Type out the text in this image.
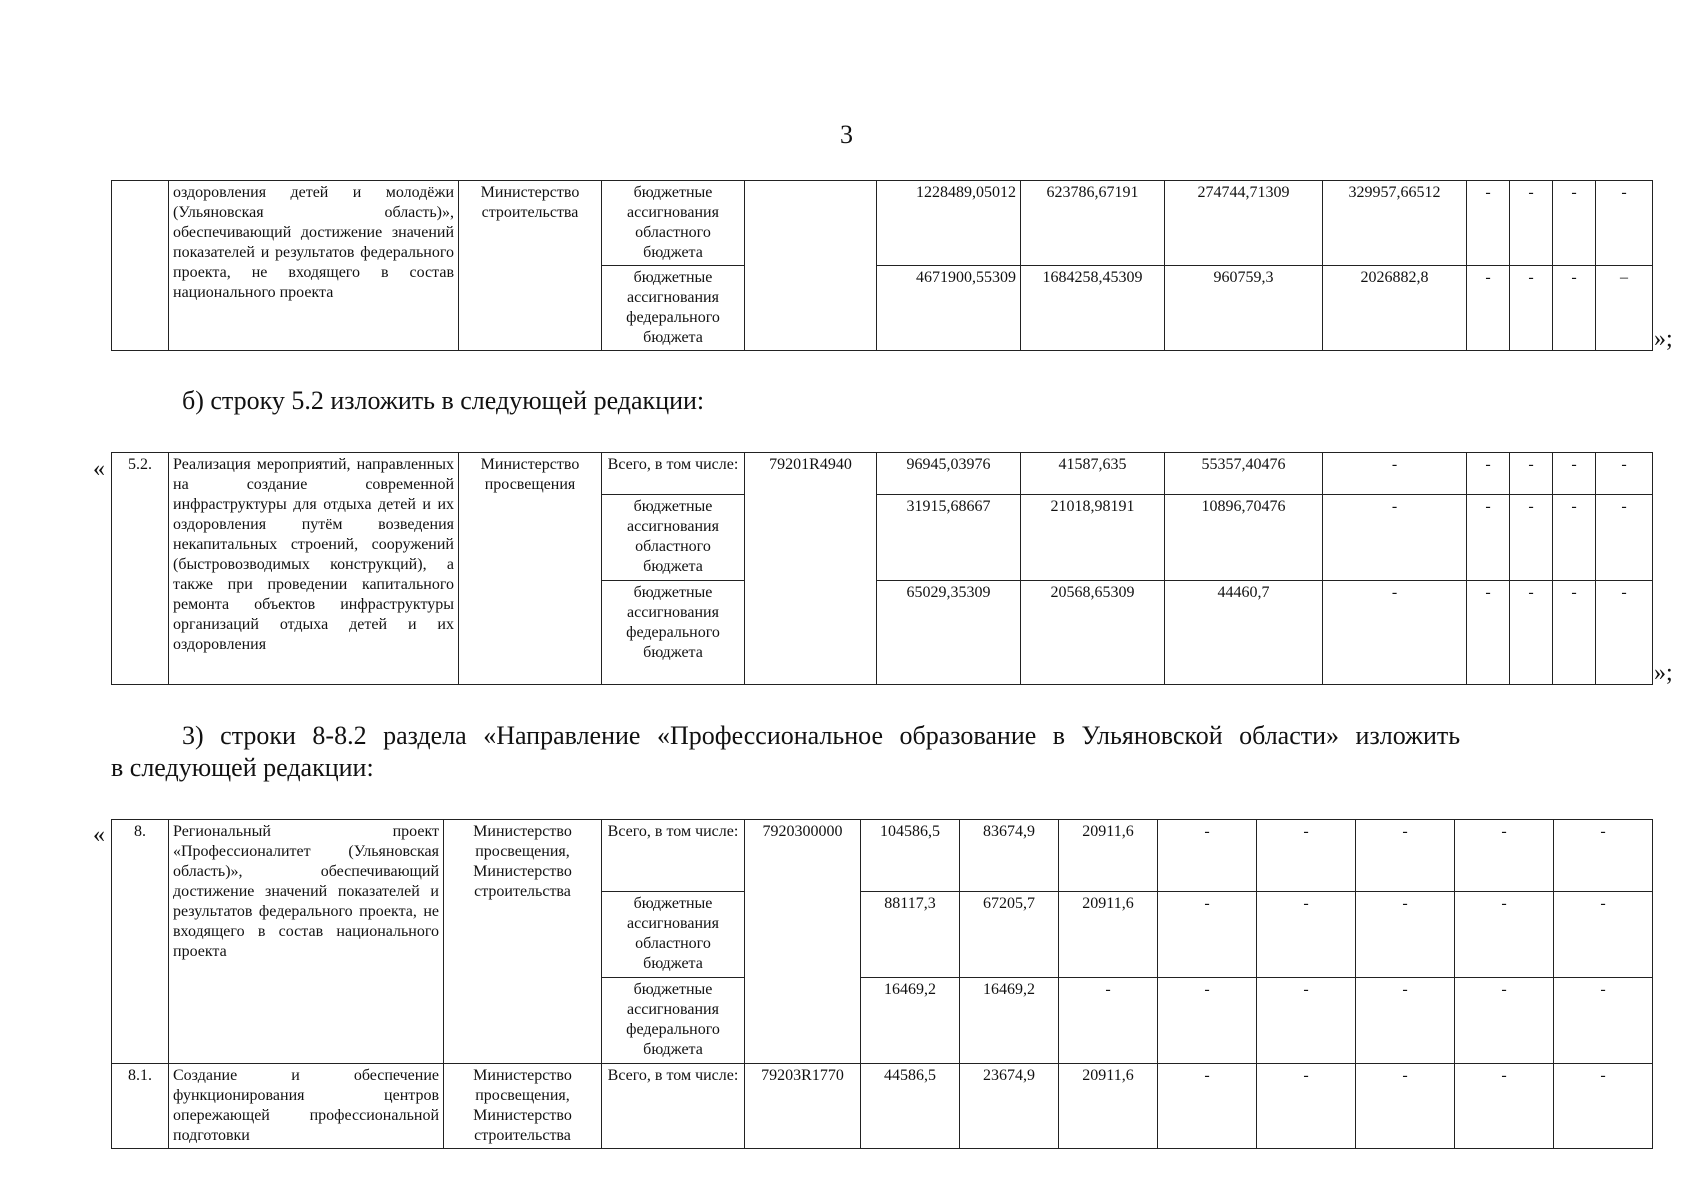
3
	оздоровления детей и молодёжи (Ульяновская область)», обеспечивающий достижение значений показателей и результатов федерального проекта, не входящего в состав национального проекта	Министерство строительства	бюджетные ассигнования областного бюджета		1228489,05012	623786,67191	274744,71309	329957,66512	-	-	-	-
			бюджетные ассигнования федерального бюджета		4671900,55309	1684258,45309	960759,3	2026882,8	-	-	-	–
»;
б) строку 5.2 изложить в следующей редакции:
« 5.2.	Реализация мероприятий, направленных на создание современной инфраструктуры для отдыха детей и их оздоровления путём возведения некапитальных строений, сооружений (быстровозводимых конструкций), а также при проведении капитального ремонта объектов инфраструктуры организаций отдыха детей и их оздоровления	Министерство просвещения	Всего, в том числе:	79201R4940	96945,03976	41587,635	55357,40476	-	-	-	-	-
			бюджетные ассигнования областного бюджета		31915,68667	21018,98191	10896,70476	-	-	-	-	-
			бюджетные ассигнования федерального бюджета		65029,35309	20568,65309	44460,7	-	-	-	-	-
»;
3) строки 8-8.2 раздела «Направление «Профессиональное образование в Ульяновской области» изложить
в следующей редакции:
« 8.	Региональный проект «Профессионалитет (Ульяновская область)», обеспечивающий достижение значений показателей и результатов федерального проекта, не входящего в состав национального проекта	Министерство просвещения, Министерство строительства	Всего, в том числе:	7920300000	104586,5	83674,9	20911,6	-	-	-	-	-
			бюджетные ассигнования областного бюджета		88117,3	67205,7	20911,6	-	-	-	-	-
			бюджетные ассигнования федерального бюджета		16469,2	16469,2	-	-	-	-	-	-
8.1.	Создание и обеспечение функционирования центров опережающей профессиональной подготовки	Министерство просвещения, Министерство строительства	Всего, в том числе:	79203R1770	44586,5	23674,9	20911,6	-	-	-	-	-
